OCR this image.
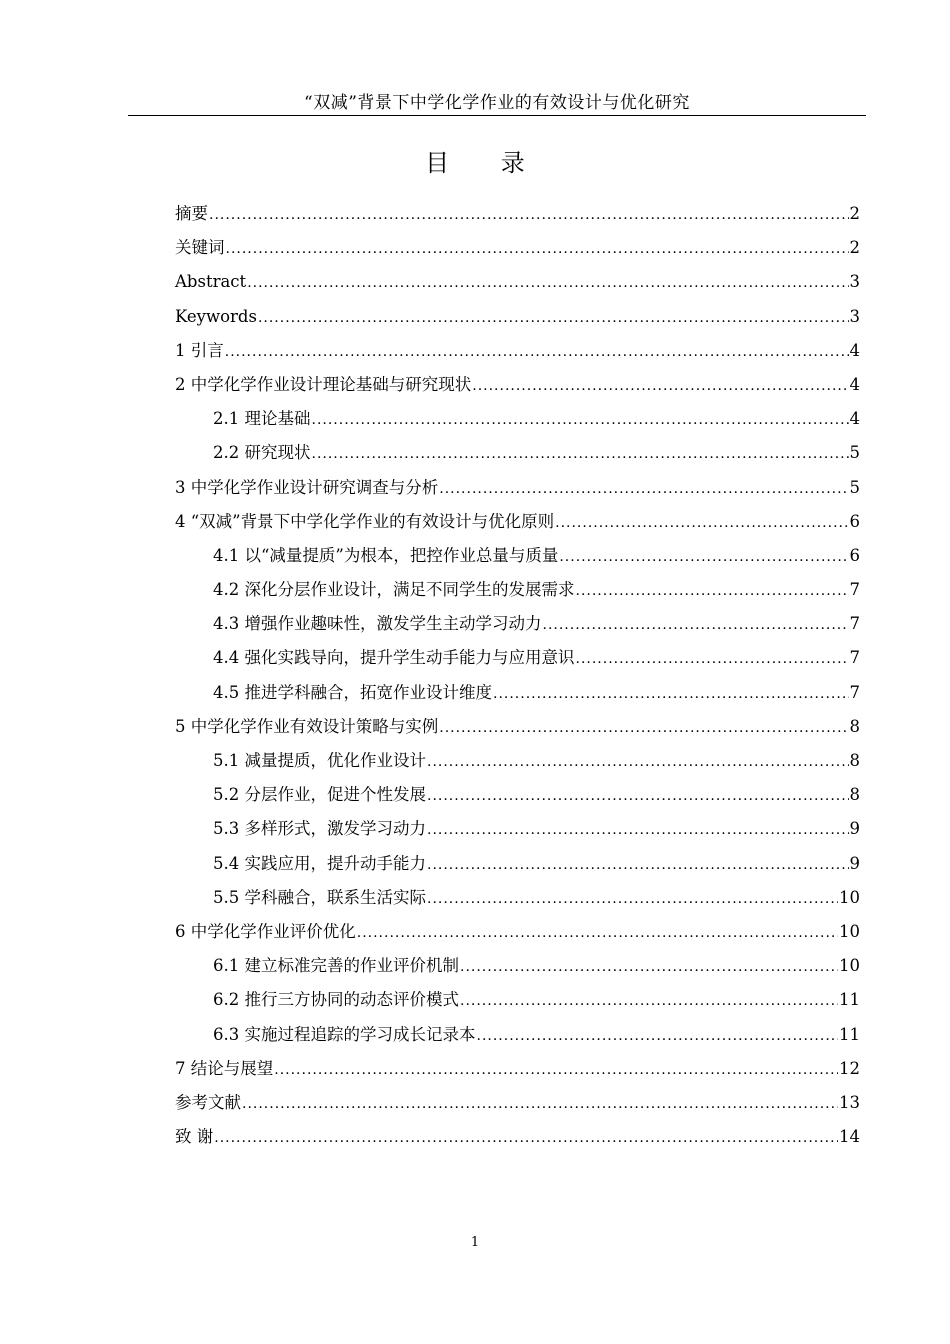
“双减”背景下中学化学作业的有效设计与优化研究
目 录
摘要 .....	2
关键词 .....	2
Abstract .....	3
Keywords .....	3
1 引言 .....	4
2 中学化学作业设计理论基础与研究现状 .....	4
2.1 理论基础 .....	4
2.2 研究现状 .....	5
3 中学化学作业设计研究调查与分析 .....	5
4 “双减”背景下中学化学作业的有效设计与优化原则 .....	6
4.1 以“减量提质”为根本，把控作业总量与质量 .....	6
4.2 深化分层作业设计，满足不同学生的发展需求 .....	7
4.3 增强作业趣味性，激发学生主动学习动力 .....	7
4.4 强化实践导向，提升学生动手能力与应用意识 .....	7
4.5 推进学科融合，拓宽作业设计维度 .....	7
5 中学化学作业有效设计策略与实例 .....	8
5.1 减量提质，优化作业设计 .....	8
5.2 分层作业，促进个性发展 .....	8
5.3 多样形式，激发学习动力 .....	9
5.4 实践应用，提升动手能力 .....	9
5.5 学科融合，联系生活实际 .....	10
6 中学化学作业评价优化 .....	10
6.1 建立标准完善的作业评价机制 .....	10
6.2 推行三方协同的动态评价模式 .....	11
6.3 实施过程追踪的学习成长记录本 .....	11
7 结论与展望 .....	12
参考文献 .....	13
致 谢 .....	14
1
